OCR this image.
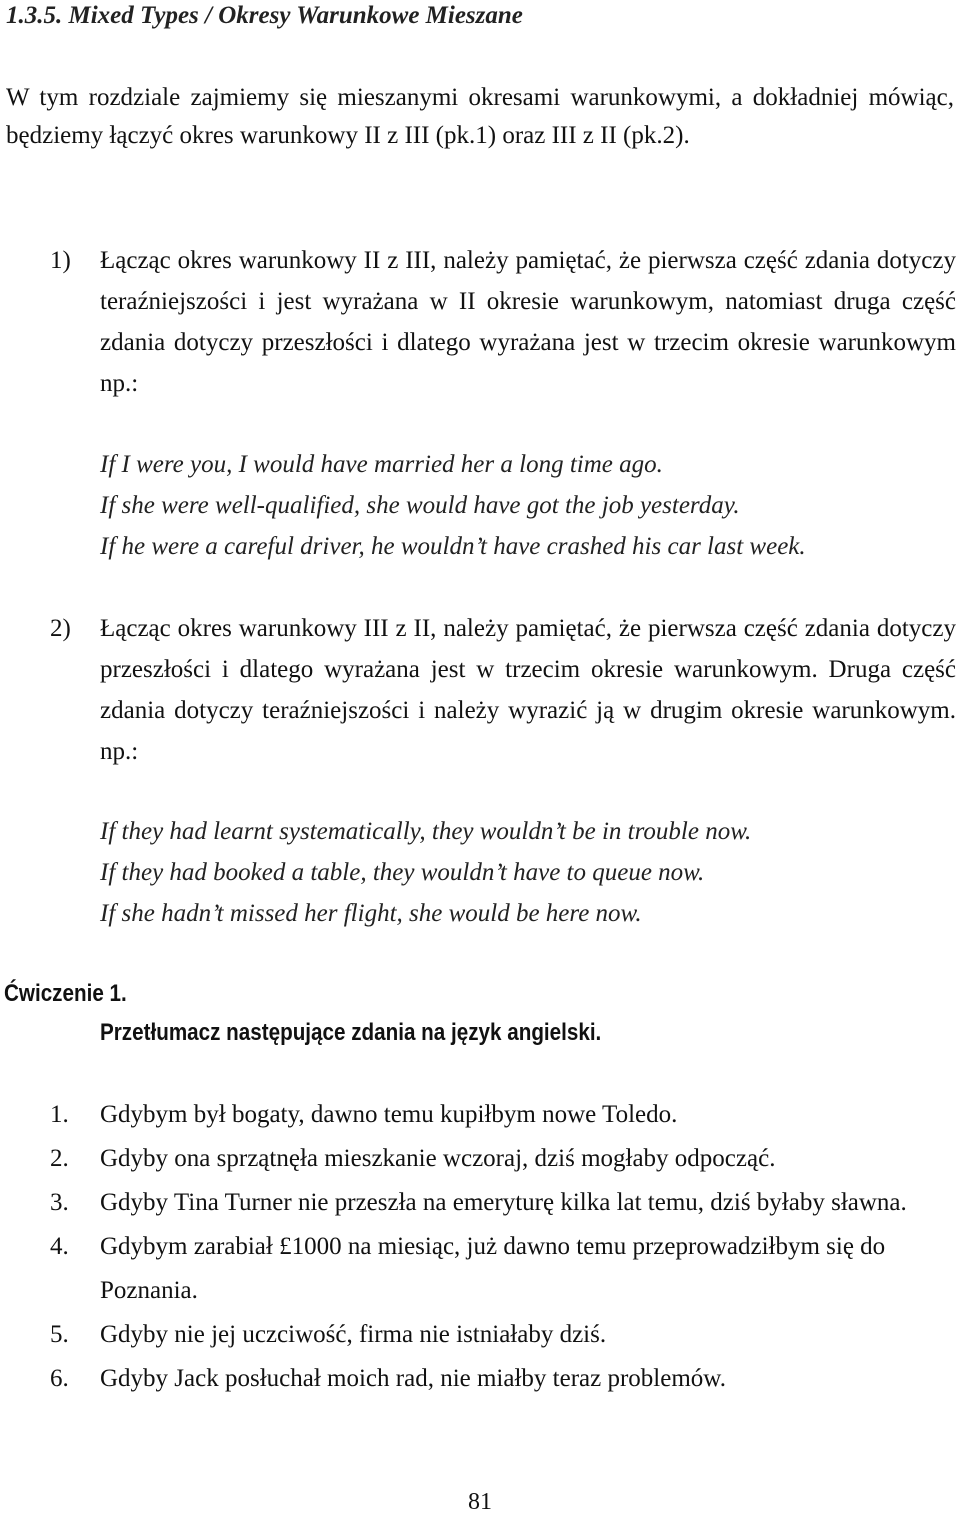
1.3.5. Mixed Types / Okresy Warunkowe Mieszane
W tym rozdziale zajmiemy się mieszanymi okresami warunkowymi, a dokładniej mówiąc, będziemy łączyć okres warunkowy II z III (pk.1) oraz III z II (pk.2).
1) Łącząc okres warunkowy II z III, należy pamiętać, że pierwsza część zdania dotyczy teraźniejszości i jest wyrażana w II okresie warunkowym, natomiast druga część zdania dotyczy przeszłości i dlatego wyrażana jest w trzecim okresie warunkowym np.:
If I were you, I would have married her a long time ago.
If she were well-qualified, she would have got the job yesterday.
If he were a careful driver, he wouldn’t have crashed his car last week.
2) Łącząc okres warunkowy III z II, należy pamiętać, że pierwsza część zdania dotyczy przeszłości i dlatego wyrażana jest w trzecim okresie warunkowym. Druga część zdania dotyczy teraźniejszości i należy wyrazić ją w drugim okresie warunkowym. np.:
If they had learnt systematically, they wouldn’t be in trouble now.
If they had booked a table, they wouldn’t have to queue now.
If she hadn’t missed her flight, she would be here now.
Ćwiczenie 1.
Przetłumacz następujące zdania na język angielski.
1. Gdybym był bogaty, dawno temu kupiłbym nowe Toledo.
2. Gdyby ona sprzątnęła mieszkanie wczoraj, dziś mogłaby odpocząć.
3. Gdyby Tina Turner nie przeszła na emeryturę kilka lat temu, dziś byłaby sławna.
4. Gdybym zarabiał £1000 na miesiąc, już dawno temu przeprowadziłbym się do Poznania.
5. Gdyby nie jej uczciwość, firma nie istniałaby dziś.
6. Gdyby Jack posłuchał moich rad, nie miałby teraz problemów.
81
